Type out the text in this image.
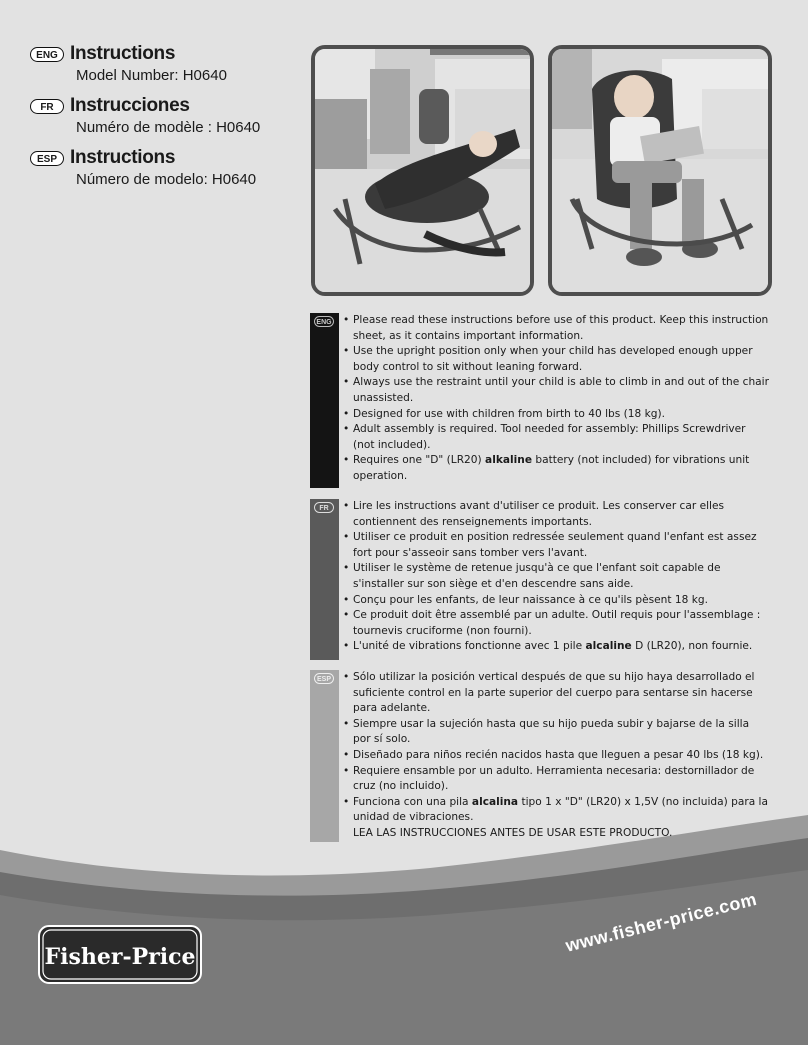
ENG Instructions
Model Number: H0640
FR Instrucciones
Numéro de modèle : H0640
ESP Instructions
Número de modelo: H0640
ENG	• Please read these instructions before use of this product. Keep this instruction sheet, as it contains important information.
• Use the upright position only when your child has developed enough upper body control to sit without leaning forward.
• Always use the restraint until your child is able to climb in and out of the chair unassisted.
• Designed for use with children from birth to 40 lbs (18 kg).
• Adult assembly is required. Tool needed for assembly: Phillips Screwdriver (not included).
• Requires one "D" (LR20) alkaline battery (not included) for vibrations unit operation.
FR	• Lire les instructions avant d'utiliser ce produit. Les conserver car elles contiennent des renseignements importants.
• Utiliser ce produit en position redressée seulement quand l'enfant est assez fort pour s'asseoir sans tomber vers l'avant.
• Utiliser le système de retenue jusqu'à ce que l'enfant soit capable de s'installer sur son siège et d'en descendre sans aide.
• Conçu pour les enfants, de leur naissance à ce qu'ils pèsent 18 kg.
• Ce produit doit être assemblé par un adulte. Outil requis pour l'assemblage : tournevis cruciforme (non fourni).
• L'unité de vibrations fonctionne avec 1 pile alcaline D (LR20), non fournie.
ESP	• Sólo utilizar la posición vertical después de que su hijo haya desarrollado el suficiente control en la parte superior del cuerpo para sentarse sin hacerse para adelante.
• Siempre usar la sujeción hasta que su hijo pueda subir y bajarse de la silla por sí solo.
• Diseñado para niños recién nacidos hasta que lleguen a pesar 40 lbs (18 kg).
• Requiere ensamble por un adulto. Herramienta necesaria: destornillador de cruz (no incluido).
• Funciona con una pila alcalina tipo 1 x "D" (LR20) x 1,5V (no incluida) para la unidad de vibraciones.
LEA LAS INSTRUCCIONES ANTES DE USAR ESTE PRODUCTO.
Fisher-Price
www.fisher-price.com
